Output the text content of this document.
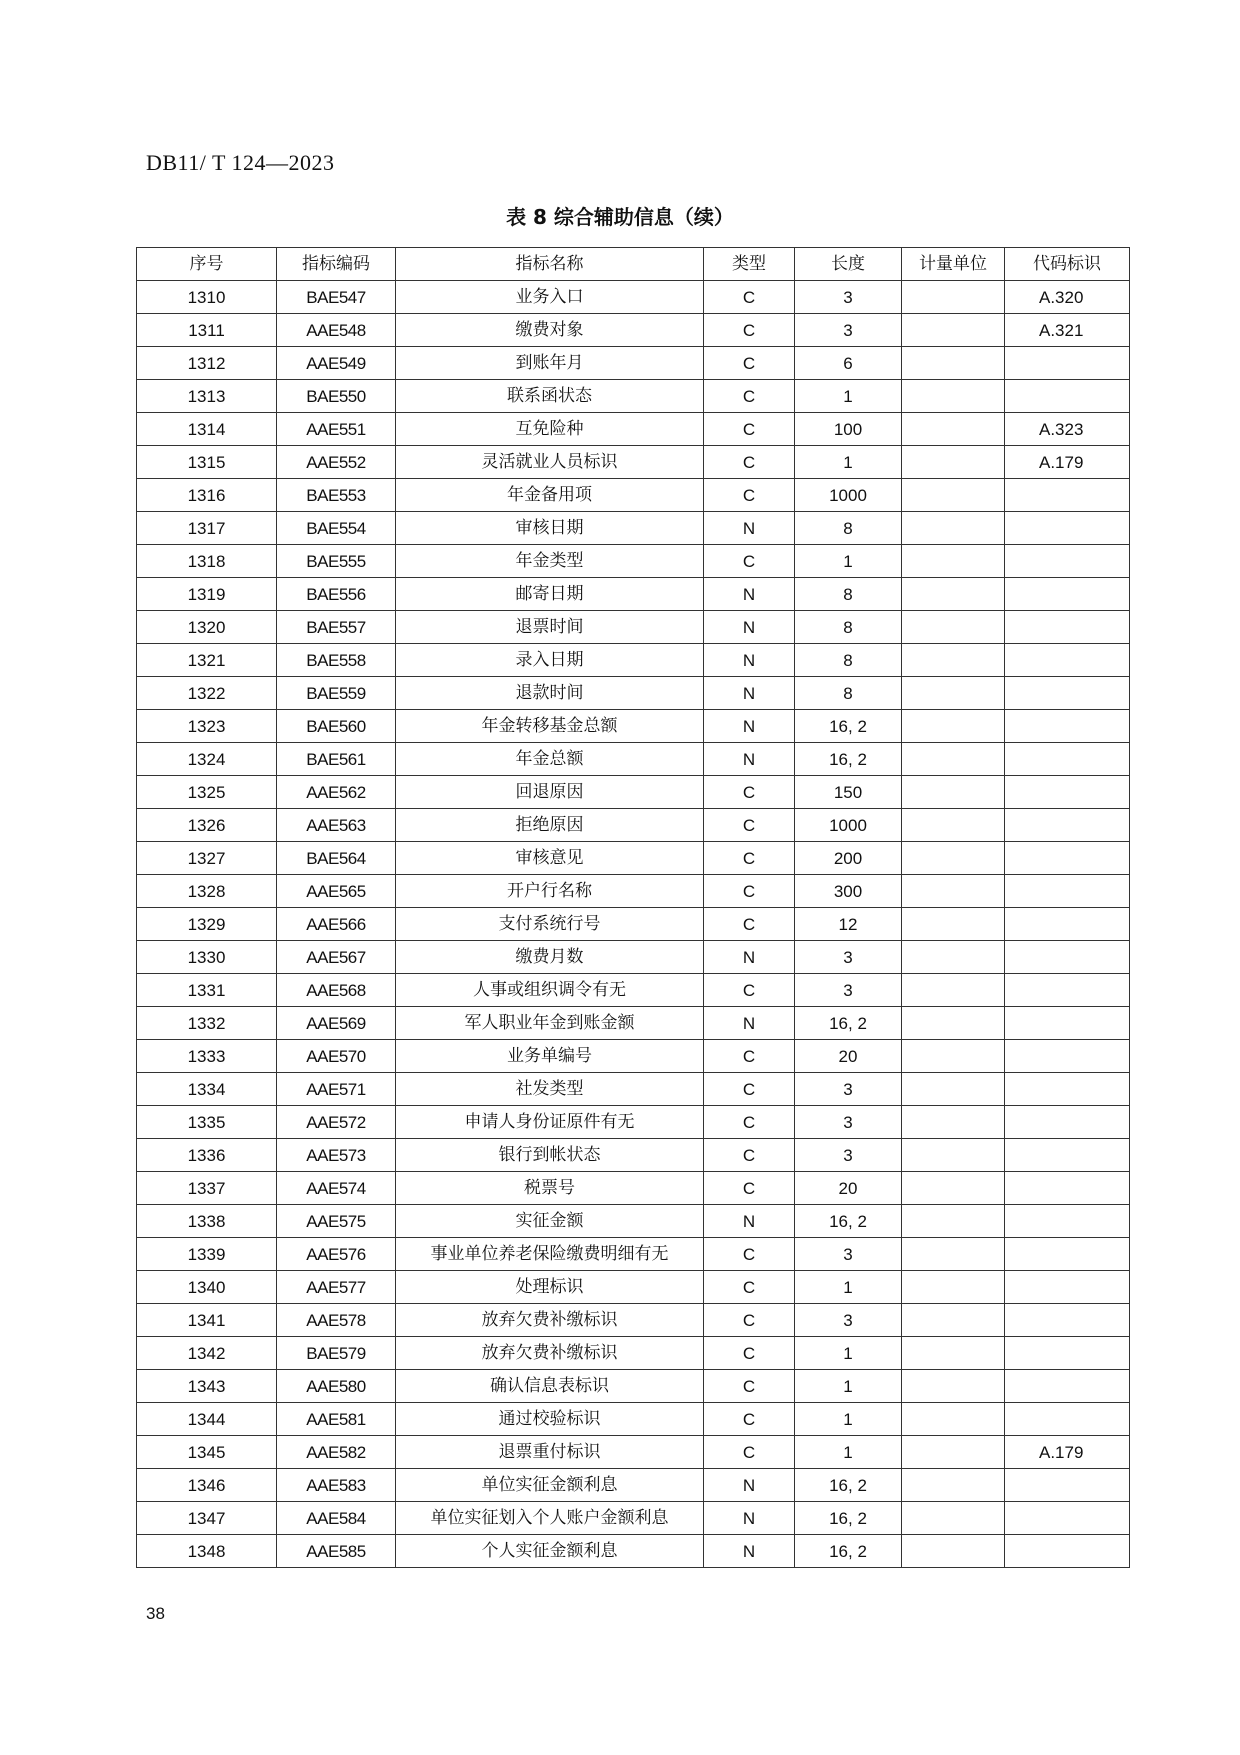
DB11/ T 124—2023
表 8 综合辅助信息（续）
序号	指标编码	指标名称	类型	长度	计量单位	代码标识
1310	BAE547	业务入口	C	3		A.320
1311	AAE548	缴费对象	C	3		A.321
1312	AAE549	到账年月	C	6		
1313	BAE550	联系函状态	C	1		
1314	AAE551	互免险种	C	100		A.323
1315	AAE552	灵活就业人员标识	C	1		A.179
1316	BAE553	年金备用项	C	1000		
1317	BAE554	审核日期	N	8		
1318	BAE555	年金类型	C	1		
1319	BAE556	邮寄日期	N	8		
1320	BAE557	退票时间	N	8		
1321	BAE558	录入日期	N	8		
1322	BAE559	退款时间	N	8		
1323	BAE560	年金转移基金总额	N	16, 2		
1324	BAE561	年金总额	N	16, 2		
1325	AAE562	回退原因	C	150		
1326	AAE563	拒绝原因	C	1000		
1327	BAE564	审核意见	C	200		
1328	AAE565	开户行名称	C	300		
1329	AAE566	支付系统行号	C	12		
1330	AAE567	缴费月数	N	3		
1331	AAE568	人事或组织调令有无	C	3		
1332	AAE569	军人职业年金到账金额	N	16, 2		
1333	AAE570	业务单编号	C	20		
1334	AAE571	社发类型	C	3		
1335	AAE572	申请人身份证原件有无	C	3		
1336	AAE573	银行到帐状态	C	3		
1337	AAE574	税票号	C	20		
1338	AAE575	实征金额	N	16, 2		
1339	AAE576	事业单位养老保险缴费明细有无	C	3		
1340	AAE577	处理标识	C	1		
1341	AAE578	放弃欠费补缴标识	C	3		
1342	BAE579	放弃欠费补缴标识	C	1		
1343	AAE580	确认信息表标识	C	1		
1344	AAE581	通过校验标识	C	1		
1345	AAE582	退票重付标识	C	1		A.179
1346	AAE583	单位实征金额利息	N	16, 2		
1347	AAE584	单位实征划入个人账户金额利息	N	16, 2		
1348	AAE585	个人实征金额利息	N	16, 2		
38
